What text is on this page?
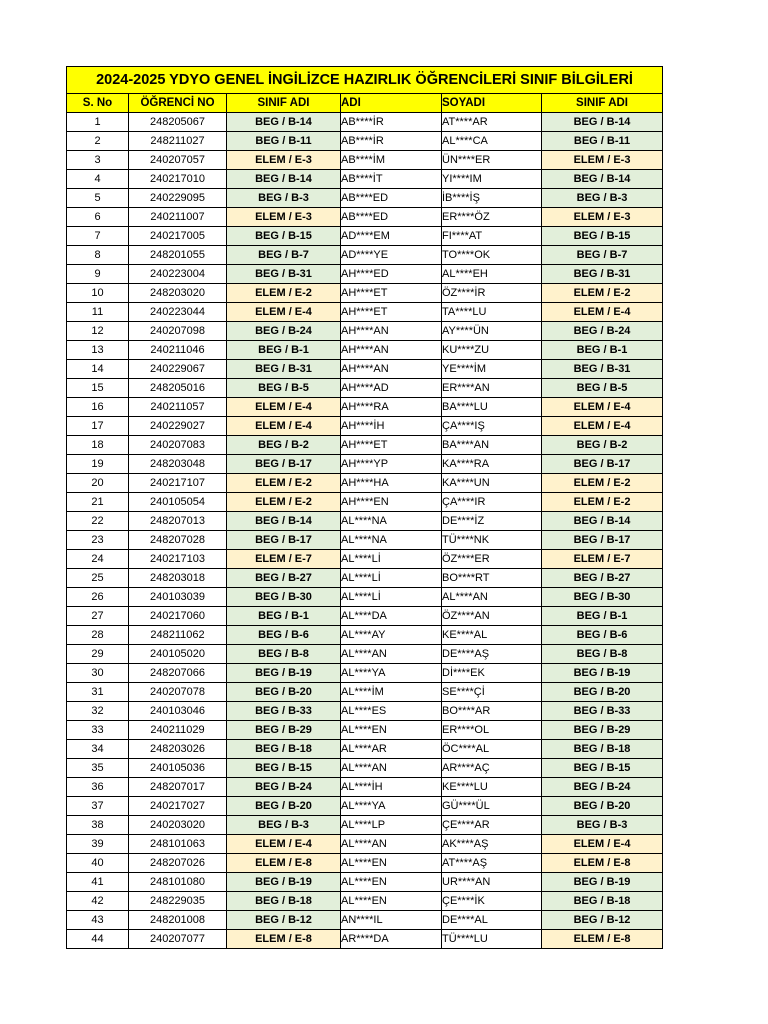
2024-2025 YDYO GENEL İNGİLİZCE HAZIRLIK ÖĞRENCİLERİ SINIF BİLGİLERİ					
S. No	ÖĞRENCİ NO	SINIF ADI	ADI	SOYADI	SINIF ADI
1	248205067	BEG / B-14	AB****İR	AT****AR	BEG / B-14
2	248211027	BEG / B-11	AB****İR	AL****CA	BEG / B-11
3	240207057	ELEM / E-3	AB****İM	ÜN****ER	ELEM / E-3
4	240217010	BEG / B-14	AB****İT	YI****IM	BEG / B-14
5	240229095	BEG / B-3	AB****ED	İB****İŞ	BEG / B-3
6	240211007	ELEM / E-3	AB****ED	ER****ÖZ	ELEM / E-3
7	240217005	BEG / B-15	AD****EM	FI****AT	BEG / B-15
8	248201055	BEG / B-7	AD****YE	TO****OK	BEG / B-7
9	240223004	BEG / B-31	AH****ED	AL****EH	BEG / B-31
10	248203020	ELEM / E-2	AH****ET	ÖZ****İR	ELEM / E-2
11	240223044	ELEM / E-4	AH****ET	TA****LU	ELEM / E-4
12	240207098	BEG / B-24	AH****AN	AY****ÜN	BEG / B-24
13	240211046	BEG / B-1	AH****AN	KU****ZU	BEG / B-1
14	240229067	BEG / B-31	AH****AN	YE****İM	BEG / B-31
15	248205016	BEG / B-5	AH****AD	ER****AN	BEG / B-5
16	240211057	ELEM / E-4	AH****RA	BA****LU	ELEM / E-4
17	240229027	ELEM / E-4	AH****İH	ÇA****IŞ	ELEM / E-4
18	240207083	BEG / B-2	AH****ET	BA****AN	BEG / B-2
19	248203048	BEG / B-17	AH****YP	KA****RA	BEG / B-17
20	240217107	ELEM / E-2	AH****HA	KA****UN	ELEM / E-2
21	240105054	ELEM / E-2	AH****EN	ÇA****IR	ELEM / E-2
22	248207013	BEG / B-14	AL****NA	DE****İZ	BEG / B-14
23	248207028	BEG / B-17	AL****NA	TÜ****NK	BEG / B-17
24	240217103	ELEM / E-7	AL****Lİ	ÖZ****ER	ELEM / E-7
25	248203018	BEG / B-27	AL****Lİ	BO****RT	BEG / B-27
26	240103039	BEG / B-30	AL****Lİ	AL****AN	BEG / B-30
27	240217060	BEG / B-1	AL****DA	ÖZ****AN	BEG / B-1
28	248211062	BEG / B-6	AL****AY	KE****AL	BEG / B-6
29	240105020	BEG / B-8	AL****AN	DE****AŞ	BEG / B-8
30	248207066	BEG / B-19	AL****YA	Dİ****EK	BEG / B-19
31	240207078	BEG / B-20	AL****İM	SE****Çİ	BEG / B-20
32	240103046	BEG / B-33	AL****ES	BO****AR	BEG / B-33
33	240211029	BEG / B-29	AL****EN	ER****OL	BEG / B-29
34	248203026	BEG / B-18	AL****AR	ÖC****AL	BEG / B-18
35	240105036	BEG / B-15	AL****AN	AR****AÇ	BEG / B-15
36	248207017	BEG / B-24	AL****İH	KE****LU	BEG / B-24
37	240217027	BEG / B-20	AL****YA	GÜ****ÜL	BEG / B-20
38	240203020	BEG / B-3	AL****LP	ÇE****AR	BEG / B-3
39	248101063	ELEM / E-4	AL****AN	AK****AŞ	ELEM / E-4
40	248207026	ELEM / E-8	AL****EN	AT****AŞ	ELEM / E-8
41	248101080	BEG / B-19	AL****EN	UR****AN	BEG / B-19
42	248229035	BEG / B-18	AL****EN	ÇE****İK	BEG / B-18
43	248201008	BEG / B-12	AN****IL	DE****AL	BEG / B-12
44	240207077	ELEM / E-8	AR****DA	TÜ****LU	ELEM / E-8
